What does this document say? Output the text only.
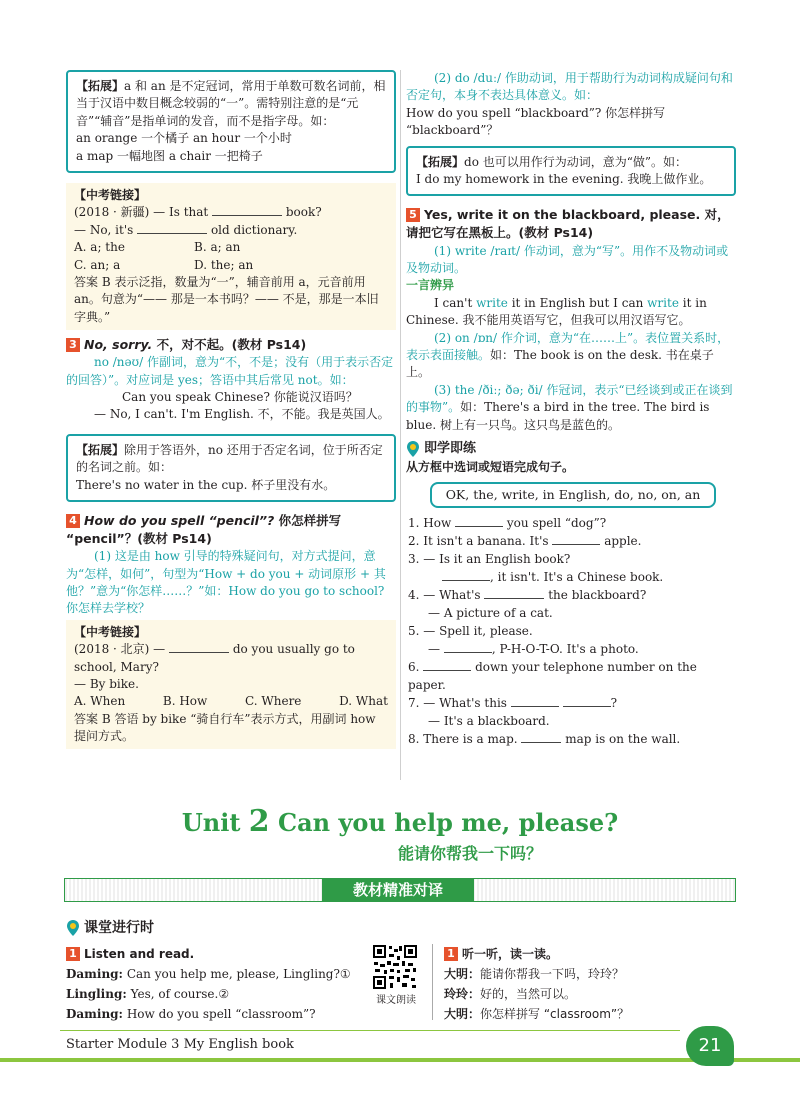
【拓展】a 和 an 是不定冠词，常用于单数可数名词前，相当于汉语中数目概念较弱的“一”。需特别注意的是“元音”“辅音”是指单词的发音，而不是指字母。如：

an orange 一个橘子 an hour 一个小时

a map 一幅地图 a chair 一把椅子

【中考链接】

(2018 · 新疆) — Is that	book?

— No, it's	old dictionary.

A. a; the	B. a; an

C. an; a	D. the; an

答案 B 表示泛指，数量为“一”，辅音前用 a，元音前用 an。句意为“—— 那是一本书吗？—— 不是，那是一本旧字典。”

3 No, sorry. 不，对不起。(教材 Ps14)

no /nəʊ/ 作副词，意为“不，不是；没有（用于表示否定的回答）”。对应词是 yes；答语中其后常见 not。如：

Can you speak Chinese? 你能说汉语吗？

— No, I can't. I'm English. 不，不能。我是英国人。

【拓展】除用于答语外，no 还用于否定名词，位于所否定的名词之前。如：

There's no water in the cup. 杯子里没有水。

4 How do you spell “pencil”? 你怎样拼写 “pencil”？(教材 Ps14)

(1) 这是由 how 引导的特殊疑问句，对方式提问，意为“怎样，如何”，句型为“How + do you + 动词原形 + 其他？”意为“你怎样……？”如：How do you go to school? 你怎样去学校？

【中考链接】

(2018 · 北京) —	do you usually go to school, Mary?

— By bike.

A. When	B. How	C. Where	D. What

答案 B 答语 by bike “骑自行车”表示方式，用副词 how 提问方式。

(2) do /duː/ 作助动词，用于帮助行为动词构成疑问句和否定句，本身不表达具体意义。如：

How do you spell “blackboard”? 你怎样拼写 “blackboard”？

【拓展】do 也可以用作行为动词，意为“做”。如：

I do my homework in the evening. 我晚上做作业。

5 Yes, write it on the blackboard, please. 对，请把它写在黑板上。(教材 Ps14)

(1) write /raɪt/ 作动词，意为“写”。用作不及物动词或及物动词。

一言辨异

I can't write it in English but I can write it in Chinese. 我不能用英语写它，但我可以用汉语写它。

(2) on /ɒn/ 作介词，意为“在……上”。表位置关系时，表示表面接触。如：The book is on the desk. 书在桌子上。

(3) the /ðiː; ðə; ði/ 作冠词，表示“已经谈到或正在谈到的事物”。如：There's a bird in the tree. The bird is blue. 树上有一只鸟。这只鸟是蓝色的。

即学即练

从方框中选词或短语完成句子。

OK, the, write, in English, do, no, on, an

1. How	you spell “dog”?

2. It isn't a banana. It's	apple.

3. — Is it an English book?

, it isn't. It's a Chinese book.

4. — What's	the blackboard?

— A picture of a cat.

5. — Spell it, please.

—	, P-H-O-T-O. It's a photo.

6.	down your telephone number on the paper.

7. — What's this	?

— It's a blackboard.

8. There is a map.	map is on the wall.

Unit 2 Can you help me, please?
能请你帮我一下吗？
教材精准对译
课堂进行时

1 Listen and read.

Daming: Can you help me, please, Lingling?①

Lingling: Yes, of course.②

Daming: How do you spell “classroom”?

课文朗读

1 听一听，读一读。

大明：能请你帮我一下吗，玲玲？

玲玲：好的，当然可以。

大明：你怎样拼写 “classroom”？

Starter Module 3 My English book	21
